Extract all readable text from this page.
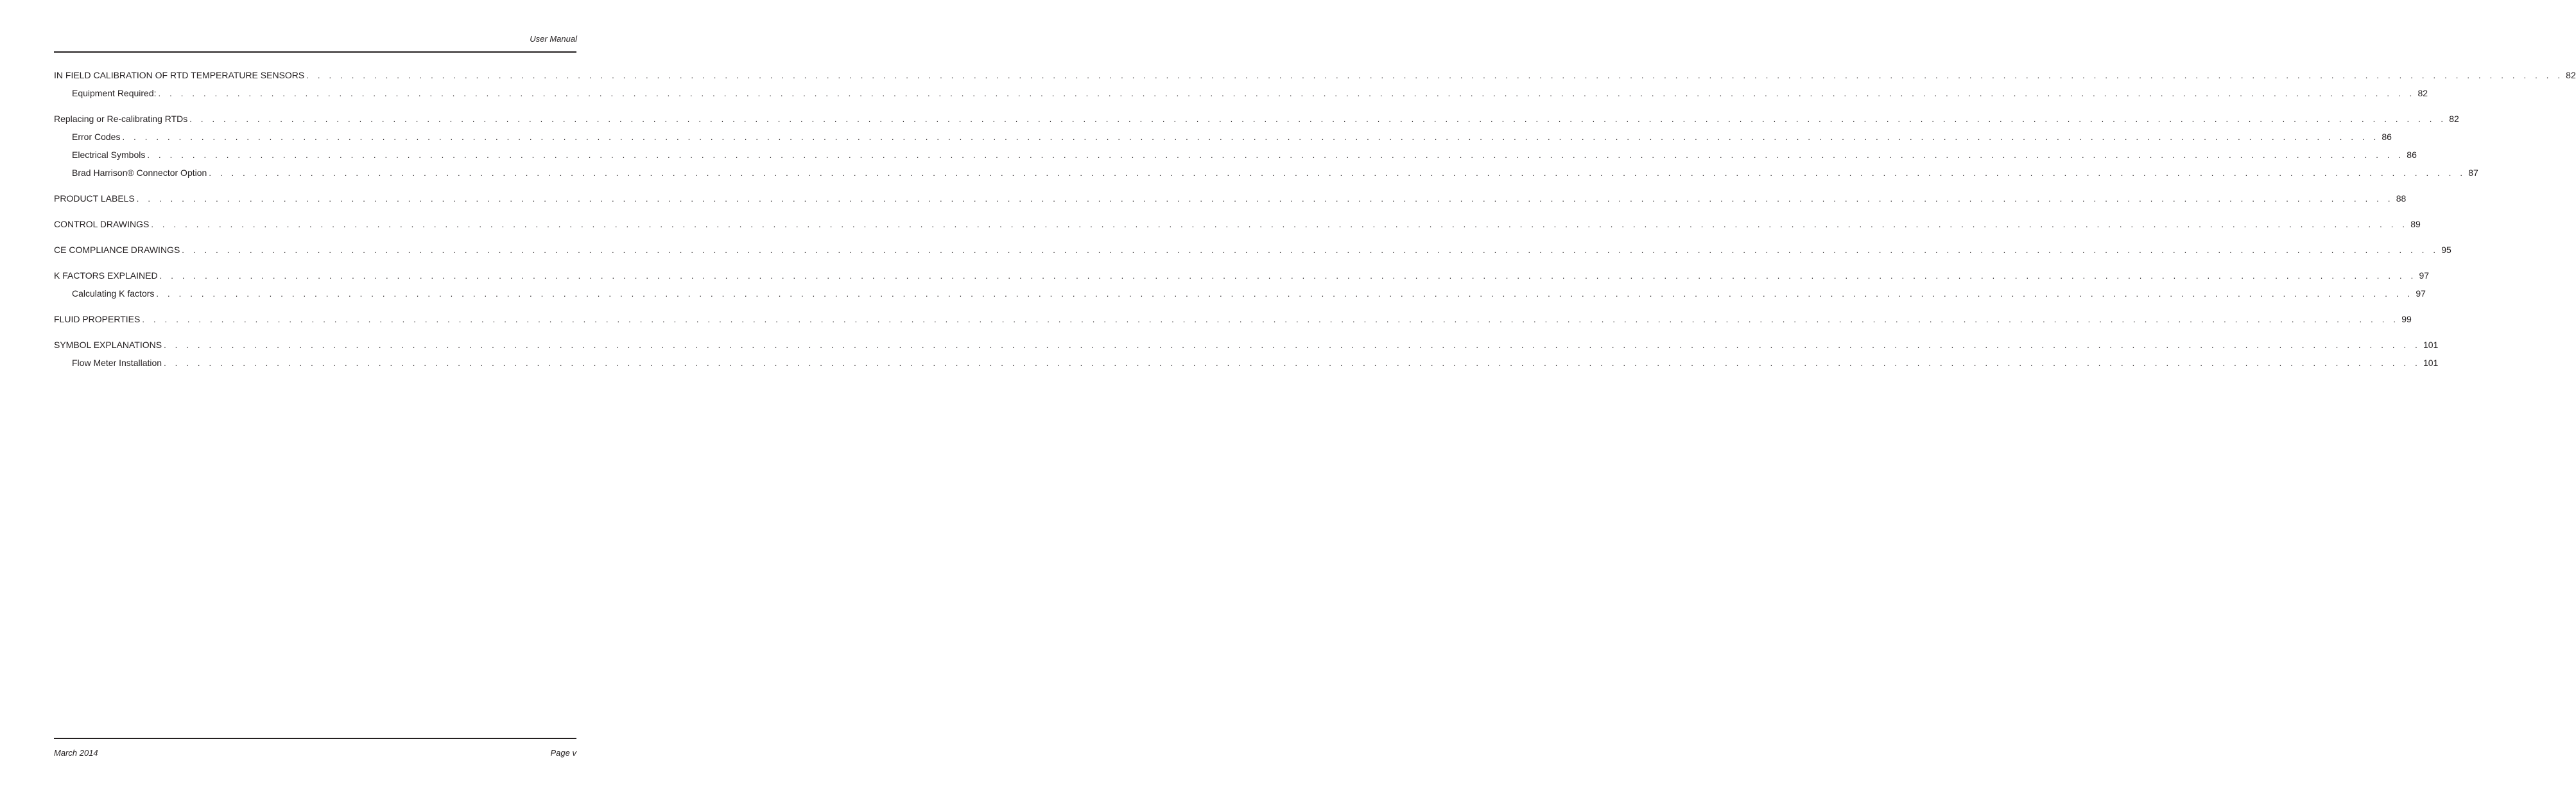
User Manual
IN FIELD CALIBRATION OF RTD TEMPERATURE SENSORS . . . . . . . . . . . . . . . . . . . . . . . . . . . . . . . . . . . . . . . . . . . . . . . . . . . . . . . . . . . . . . . . . . . . . . . . . . . . . . . . . . . . . . . . . . . . . . . . . . . . . . . . . . . . . . . . . . . . . . . . . . . . . . . . . . . . . . . . . . . . . . . . . . . . . . . . . . . . . . . . . . . . . . . . . . . . . . . . . . . . . . . . . . . . . . . . . . . . . . . . 82
Equipment Required: . . . . . . . . . . . . . . . . . . . . . . . . . . . . . . . . . . . . . . . . . . . . . . . . . . . . . . . . . . . . . . . . . . . . . . . . . . . . . . . . . . . . . . . . . . . . . . . . . . . . . . . . . . . . . . . . . . . . . . . . . . . . . . . . . . . . . . . . . . . . . . . . . . . . . . . . . . . . . . . . . . . . . . . . . . . . . . . . . . . . . . . . . . . . . . . . . . . . . . . . 82
Replacing or Re-calibrating RTDs . . . . . . . . . . . . . . . . . . . . . . . . . . . . . . . . . . . . . . . . . . . . . . . . . . . . . . . . . . . . . . . . . . . . . . . . . . . . . . . . . . . . . . . . . . . . . . . . . . . . . . . . . . . . . . . . . . . . . . . . . . . . . . . . . . . . . . . . . . . . . . . . . . . . . . . . . . . . . . . . . . . . . . . . . . . . . . . . . . . . . . . . . . . . . . . . . . . . . . . . 82
Error Codes . . . . . . . . . . . . . . . . . . . . . . . . . . . . . . . . . . . . . . . . . . . . . . . . . . . . . . . . . . . . . . . . . . . . . . . . . . . . . . . . . . . . . . . . . . . . . . . . . . . . . . . . . . . . . . . . . . . . . . . . . . . . . . . . . . . . . . . . . . . . . . . . . . . . . . . . . . . . . . . . . . . . . . . . . . . . . . . . . . . . . . . . . . . . . . . . . . . . . . . . 86
Electrical Symbols . . . . . . . . . . . . . . . . . . . . . . . . . . . . . . . . . . . . . . . . . . . . . . . . . . . . . . . . . . . . . . . . . . . . . . . . . . . . . . . . . . . . . . . . . . . . . . . . . . . . . . . . . . . . . . . . . . . . . . . . . . . . . . . . . . . . . . . . . . . . . . . . . . . . . . . . . . . . . . . . . . . . . . . . . . . . . . . . . . . . . . . . . . . . . . . . . . . . . . . . 86
Brad Harrison® Connector Option . . . . . . . . . . . . . . . . . . . . . . . . . . . . . . . . . . . . . . . . . . . . . . . . . . . . . . . . . . . . . . . . . . . . . . . . . . . . . . . . . . . . . . . . . . . . . . . . . . . . . . . . . . . . . . . . . . . . . . . . . . . . . . . . . . . . . . . . . . . . . . . . . . . . . . . . . . . . . . . . . . . . . . . . . . . . . . . . . . . . . . . . . . . . . . . . . . . . . . . . 87
PRODUCT LABELS . . . . . . . . . . . . . . . . . . . . . . . . . . . . . . . . . . . . . . . . . . . . . . . . . . . . . . . . . . . . . . . . . . . . . . . . . . . . . . . . . . . . . . . . . . . . . . . . . . . . . . . . . . . . . . . . . . . . . . . . . . . . . . . . . . . . . . . . . . . . . . . . . . . . . . . . . . . . . . . . . . . . . . . . . . . . . . . . . . . . . . . . . . . . . . . . . . . . . . . . 88
CONTROL DRAWINGS . . . . . . . . . . . . . . . . . . . . . . . . . . . . . . . . . . . . . . . . . . . . . . . . . . . . . . . . . . . . . . . . . . . . . . . . . . . . . . . . . . . . . . . . . . . . . . . . . . . . . . . . . . . . . . . . . . . . . . . . . . . . . . . . . . . . . . . . . . . . . . . . . . . . . . . . . . . . . . . . . . . . . . . . . . . . . . . . . . . . . . . . . . . . . . . . . . . . . . . . 89
CE COMPLIANCE DRAWINGS . . . . . . . . . . . . . . . . . . . . . . . . . . . . . . . . . . . . . . . . . . . . . . . . . . . . . . . . . . . . . . . . . . . . . . . . . . . . . . . . . . . . . . . . . . . . . . . . . . . . . . . . . . . . . . . . . . . . . . . . . . . . . . . . . . . . . . . . . . . . . . . . . . . . . . . . . . . . . . . . . . . . . . . . . . . . . . . . . . . . . . . . . . . . . . . . . . . . . . . . 95
K FACTORS EXPLAINED . . . . . . . . . . . . . . . . . . . . . . . . . . . . . . . . . . . . . . . . . . . . . . . . . . . . . . . . . . . . . . . . . . . . . . . . . . . . . . . . . . . . . . . . . . . . . . . . . . . . . . . . . . . . . . . . . . . . . . . . . . . . . . . . . . . . . . . . . . . . . . . . . . . . . . . . . . . . . . . . . . . . . . . . . . . . . . . . . . . . . . . . . . . . . . . . . . . . . . . . 97
Calculating K factors . . . . . . . . . . . . . . . . . . . . . . . . . . . . . . . . . . . . . . . . . . . . . . . . . . . . . . . . . . . . . . . . . . . . . . . . . . . . . . . . . . . . . . . . . . . . . . . . . . . . . . . . . . . . . . . . . . . . . . . . . . . . . . . . . . . . . . . . . . . . . . . . . . . . . . . . . . . . . . . . . . . . . . . . . . . . . . . . . . . . . . . . . . . . . . . . . . . . . . . . 97
FLUID PROPERTIES . . . . . . . . . . . . . . . . . . . . . . . . . . . . . . . . . . . . . . . . . . . . . . . . . . . . . . . . . . . . . . . . . . . . . . . . . . . . . . . . . . . . . . . . . . . . . . . . . . . . . . . . . . . . . . . . . . . . . . . . . . . . . . . . . . . . . . . . . . . . . . . . . . . . . . . . . . . . . . . . . . . . . . . . . . . . . . . . . . . . . . . . . . . . . . . . . . . . . . . . 99
SYMBOL EXPLANATIONS . . . . . . . . . . . . . . . . . . . . . . . . . . . . . . . . . . . . . . . . . . . . . . . . . . . . . . . . . . . . . . . . . . . . . . . . . . . . . . . . . . . . . . . . . . . . . . . . . . . . . . . . . . . . . . . . . . . . . . . . . . . . . . . . . . . . . . . . . . . . . . . . . . . . . . . . . . . . . . . . . . . . . . . . . . . . . . . . . . . . . . . . . . . . . . . . . . . . . . . . 101
Flow Meter Installation . . . . . . . . . . . . . . . . . . . . . . . . . . . . . . . . . . . . . . . . . . . . . . . . . . . . . . . . . . . . . . . . . . . . . . . . . . . . . . . . . . . . . . . . . . . . . . . . . . . . . . . . . . . . . . . . . . . . . . . . . . . . . . . . . . . . . . . . . . . . . . . . . . . . . . . . . . . . . . . . . . . . . . . . . . . . . . . . . . . . . . . . . . . . . . . . . . . . . . . . 101
March 2014	Page v
